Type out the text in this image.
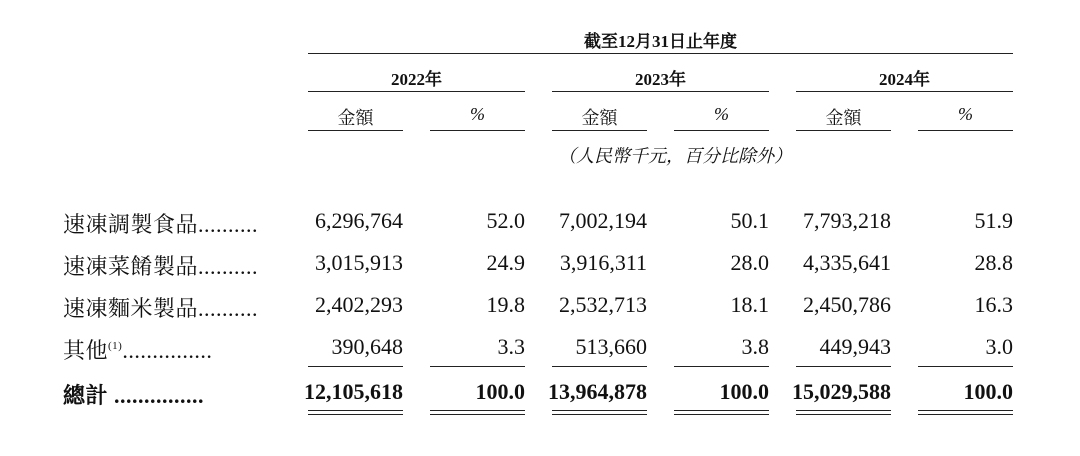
截至12月31日止年度
2022年	2023年	2024年
金額	%	金額	%	金額	%
（人民幣千元，百分比除外）
速凍調製食品..........	6,296,764	52.0	7,002,194	50.1	7,793,218	51.9
速凍菜餚製品..........	3,015,913	24.9	3,916,311	28.0	4,335,641	28.8
速凍麵米製品..........	2,402,293	19.8	2,532,713	18.1	2,450,786	16.3
其他$^{(1)}$...............	390,648	3.3	513,660	3.8	449,943	3.0
總計 ...............	12,105,618	100.0 13,964,878	100.0 15,029,588	100.0
